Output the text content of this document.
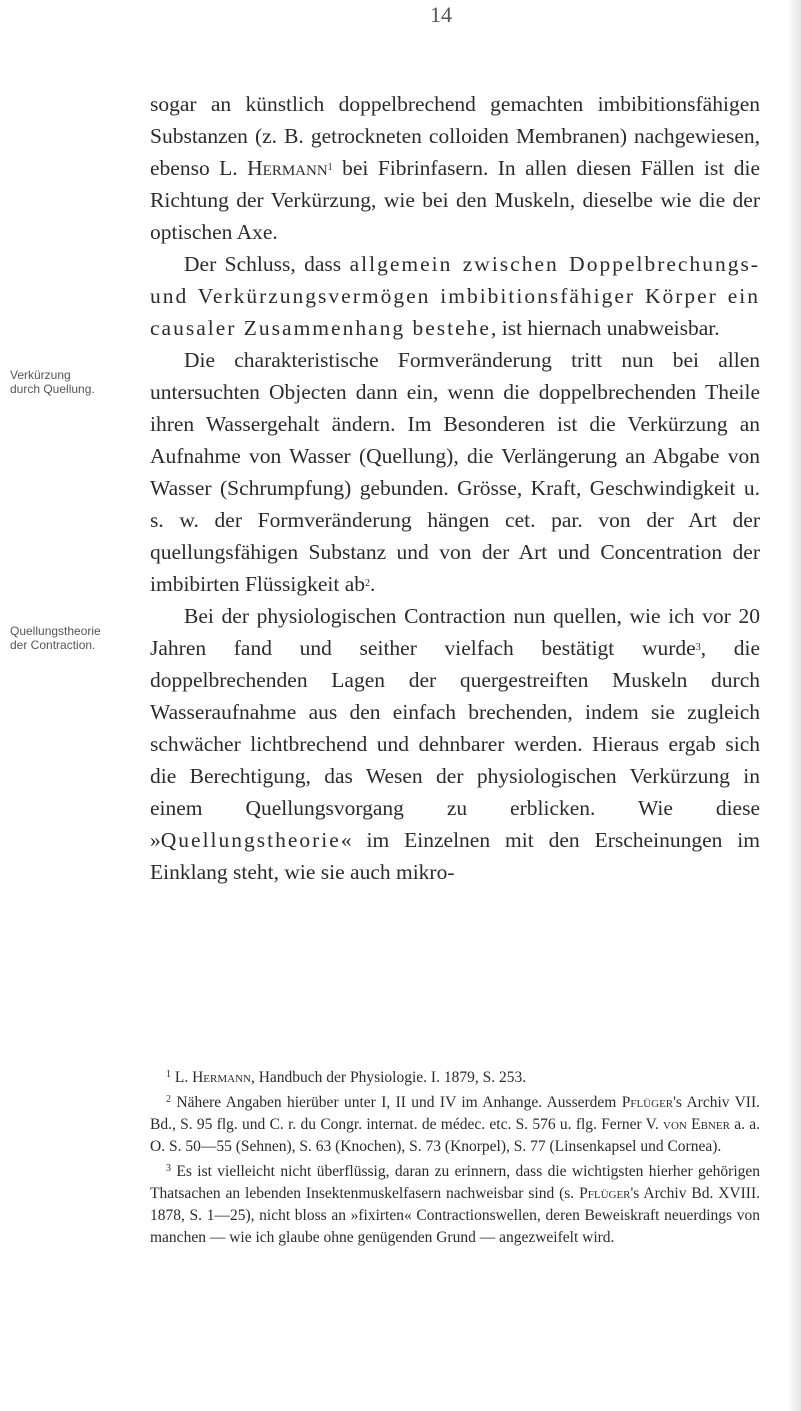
14
Verkürzung
durch Quellung.
Quellungstheorie
der Contraction.

sogar an künstlich doppelbrechend gemachten imbibitionsfähigen Substanzen (z. B. getrockneten colloiden Membranen) nachgewiesen, ebenso L. Hermann$^1$ bei Fibrinfasern. In allen diesen Fällen ist die Richtung der Verkürzung, wie bei den Muskeln, dieselbe wie die der optischen Axe.

Der Schluss, dass allgemein zwischen Doppelbrechungs- und Verkürzungsvermögen imbibitionsfähiger Körper ein causaler Zusammenhang bestehe, ist hiernach unabweisbar.

Die charakteristische Formveränderung tritt nun bei allen untersuchten Objecten dann ein, wenn die doppelbrechenden Theile ihren Wassergehalt ändern. Im Besonderen ist die Verkürzung an Aufnahme von Wasser (Quellung), die Verlängerung an Abgabe von Wasser (Schrumpfung) gebunden. Grösse, Kraft, Geschwindigkeit u. s. w. der Formveränderung hängen cet. par. von der Art der quellungsfähigen Substanz und von der Art und Concentration der imbibirten Flüssigkeit ab$^2$.

Bei der physiologischen Contraction nun quellen, wie ich vor 20 Jahren fand und seither vielfach bestätigt wurde$^3$, die doppelbrechenden Lagen der quergestreiften Muskeln durch Wasseraufnahme aus den einfach brechenden, indem sie zugleich schwächer lichtbrechend und dehnbarer werden. Hieraus ergab sich die Berechtigung, das Wesen der physiologischen Verkürzung in einem Quellungsvorgang zu erblicken. Wie diese »Quellungstheorie« im Einzelnen mit den Erscheinungen im Einklang steht, wie sie auch mikro-

$^1$ L. Hermann, Handbuch der Physiologie. I. 1879, S. 253.

$^2$ Nähere Angaben hierüber unter I, II und IV im Anhange. Ausserdem Pflüger's Archiv VII. Bd., S. 95 flg. und C. r. du Congr. internat. de médec. etc. S. 576 u. flg. Ferner V. von Ebner a. a. O. S. 50—55 (Sehnen), S. 63 (Knochen), S. 73 (Knorpel), S. 77 (Linsenkapsel und Cornea).

$^3$ Es ist vielleicht nicht überflüssig, daran zu erinnern, dass die wichtigsten hierher gehörigen Thatsachen an lebenden Insektenmuskelfasern nachweisbar sind (s. Pflüger's Archiv Bd. XVIII. 1878, S. 1—25), nicht bloss an »fixirten« Contractionswellen, deren Beweiskraft neuerdings von manchen — wie ich glaube ohne genügenden Grund — angezweifelt wird.
